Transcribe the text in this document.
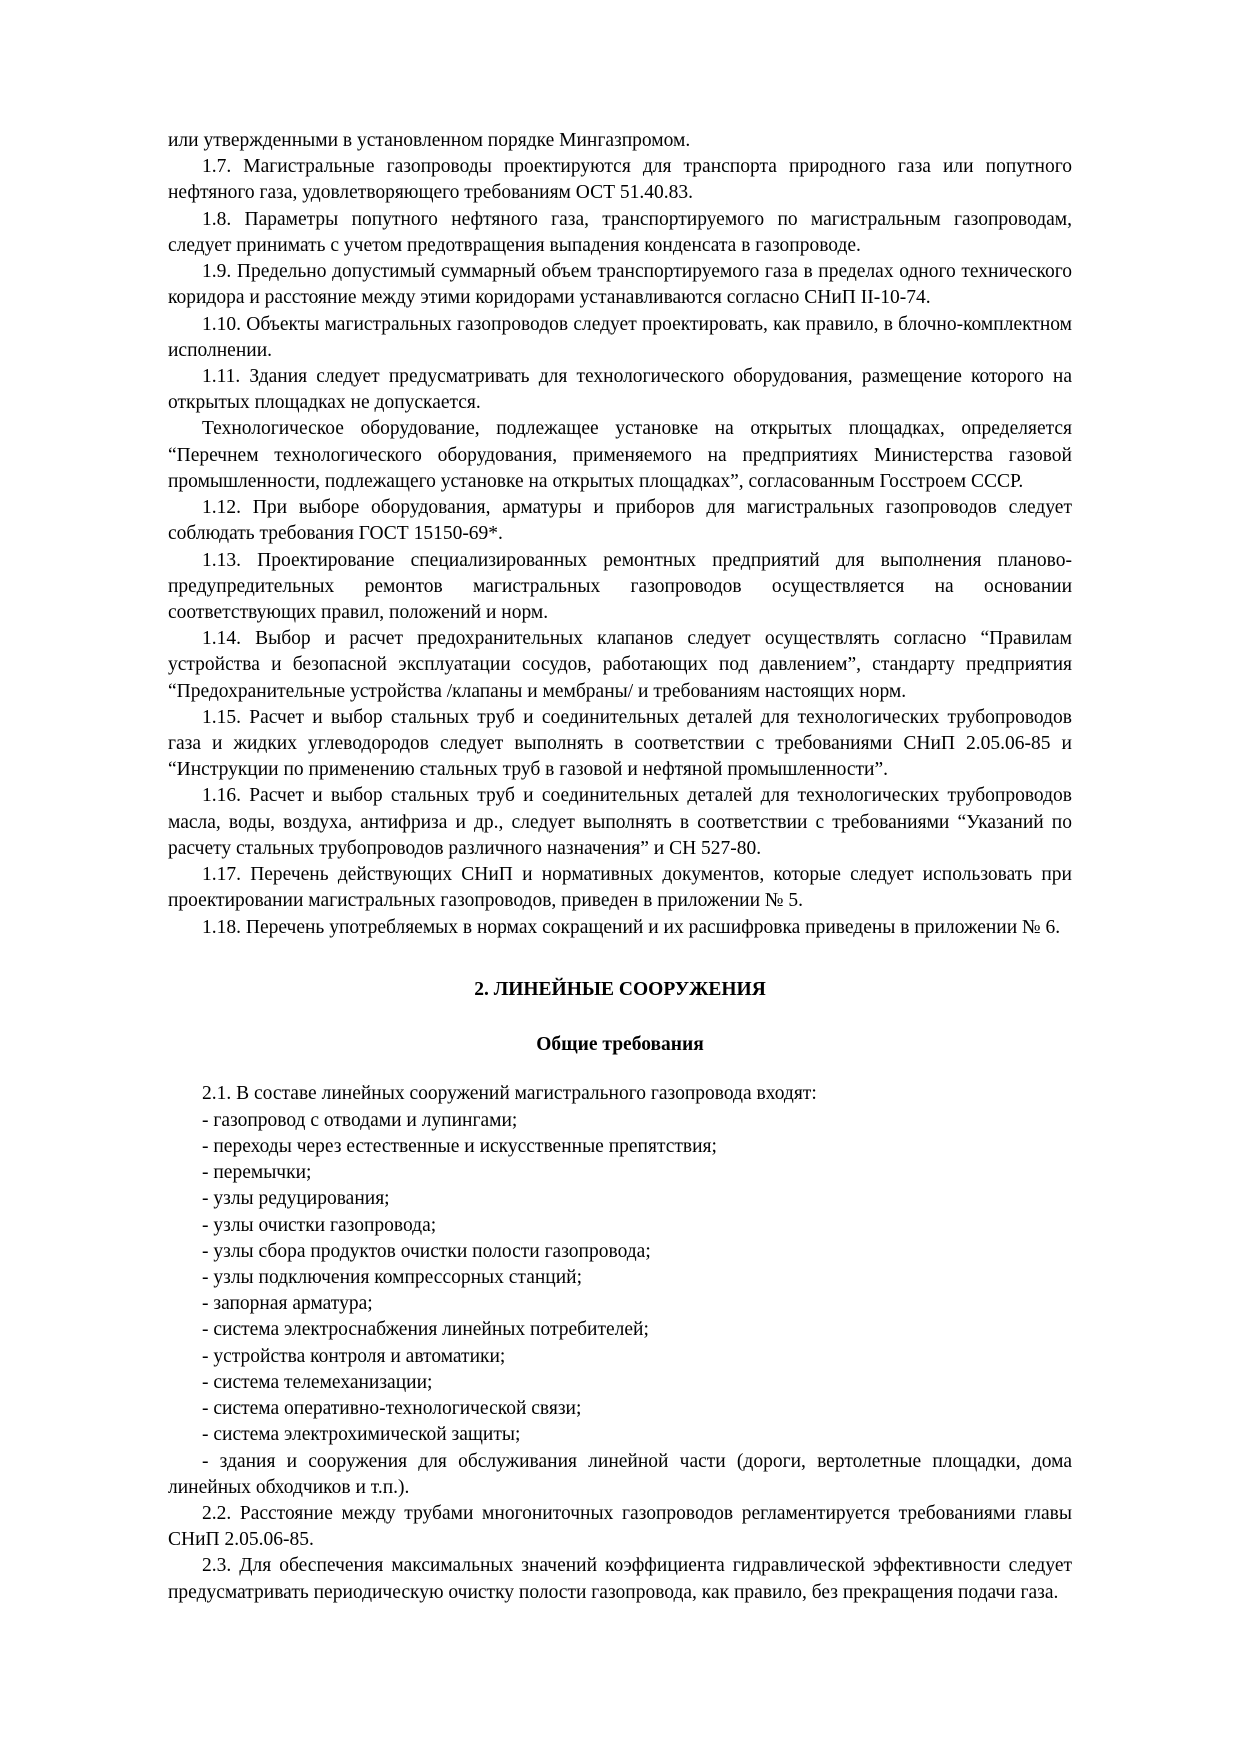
или утвержденными в установленном порядке Мингазпромом.

1.7. Магистральные газопроводы проектируются для транспорта природного газа или попутного нефтяного газа, удовлетворяющего требованиям ОСТ 51.40.83.

1.8. Параметры попутного нефтяного газа, транспортируемого по магистральным газопроводам, следует принимать с учетом предотвращения выпадения конденсата в газопроводе.

1.9. Предельно допустимый суммарный объем транспортируемого газа в пределах одного технического коридора и расстояние между этими коридорами устанавливаются согласно СНиП II-10-74.

1.10. Объекты магистральных газопроводов следует проектировать, как правило, в блочно-комплектном исполнении.

1.11. Здания следует предусматривать для технологического оборудования, размещение которого на открытых площадках не допускается.

Технологическое оборудование, подлежащее установке на открытых площадках, определяется “Перечнем технологического оборудования, применяемого на предприятиях Министерства газовой промышленности, подлежащего установке на открытых площадках”, согласованным Госстроем СССР.

1.12. При выборе оборудования, арматуры и приборов для магистральных газопроводов следует соблюдать требования ГОСТ 15150-69*.

1.13. Проектирование специализированных ремонтных предприятий для выполнения планово-предупредительных ремонтов магистральных газопроводов осуществляется на основании соответствующих правил, положений и норм.

1.14. Выбор и расчет предохранительных клапанов следует осуществлять согласно “Правилам устройства и безопасной эксплуатации сосудов, работающих под давлением”, стандарту предприятия “Предохранительные устройства /клапаны и мембраны/ и требованиям настоящих норм.

1.15. Расчет и выбор стальных труб и соединительных деталей для технологических трубопроводов газа и жидких углеводородов следует выполнять в соответствии с требованиями СНиП 2.05.06-85 и “Инструкции по применению стальных труб в газовой и нефтяной промышленности”.

1.16. Расчет и выбор стальных труб и соединительных деталей для технологических трубопроводов масла, воды, воздуха, антифриза и др., следует выполнять в соответствии с требованиями “Указаний по расчету стальных трубопроводов различного назначения” и СН 527-80.

1.17. Перечень действующих СНиП и нормативных документов, которые следует использовать при проектировании магистральных газопроводов, приведен в приложении № 5.

1.18. Перечень употребляемых в нормах сокращений и их расшифровка приведены в приложении № 6.

2. ЛИНЕЙНЫЕ СООРУЖЕНИЯ
Общие требования

2.1. В составе линейных сооружений магистрального газопровода входят:

- газопровод с отводами и лупингами;

- переходы через естественные и искусственные препятствия;

- перемычки;

- узлы редуцирования;

- узлы очистки газопровода;

- узлы сбора продуктов очистки полости газопровода;

- узлы подключения компрессорных станций;

- запорная арматура;

- система электроснабжения линейных потребителей;

- устройства контроля и автоматики;

- система телемеханизации;

- система оперативно-технологической связи;

- система электрохимической защиты;

- здания и сооружения для обслуживания линейной части (дороги, вертолетные площадки, дома линейных обходчиков и т.п.).

2.2. Расстояние между трубами многониточных газопроводов регламентируется требованиями главы СНиП 2.05.06-85.

2.3. Для обеспечения максимальных значений коэффициента гидравлической эффективности следует предусматривать периодическую очистку полости газопровода, как правило, без прекращения подачи газа.
